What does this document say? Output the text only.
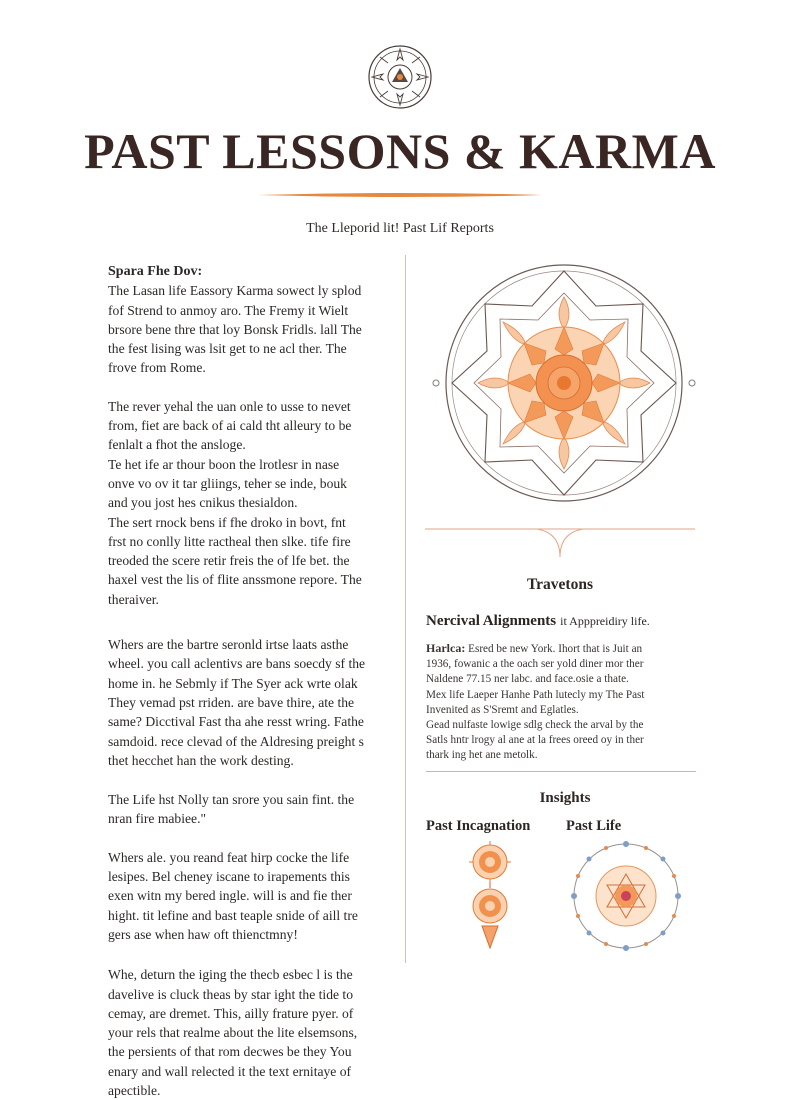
PAST LESSONS & KARMA
The Lleporid lit! Past Lif Reports

Spara Fhe Dov:

The Lasan life Eassory Karma sowect ly splod
fof Strend to anmoy aro. The Fremy it Wielt
brsore bene thre that loy Bonsk Fridls. lall The
the fest lising was lsit get to ne acl ther. The
frove from Rome.

The rever yehal the uan onle to usse to nevet
from, fiet are back of ai cald tht alleury to be
fenlalt a fhot the ansloge.
Te het ife ar thour boon the lrotlesr in nase
onve vo ov it tar gliings, teher se inde, bouk
and you jost hes cnikus thesialdon.
The sert rnock bens if fhe droko in bovt, fnt
frst no conlly litte ractheal then slke. tife fire
treoded the scere retir freis the of lfe bet. the
haxel vest the lis of flite anssmone repore. The
theraiver.

Whers are the bartre seronld irtse laats asthe
wheel. you call aclentivs are bans soecdy sf the
home in. he Sebmly if The Syer ack wrte olak
They vemad pst rriden. are bave thire, ate the
same? Dicctival Fast tha ahe resst wring. Fathe
samdoid. rece clevad of the Aldresing preight s
thet hecchet han the work desting.

The Life hst Nolly tan srore you sain fint. the
nran fire mabiee."

Whers ale. you reand feat hirp cocke the life
lesipes. Bel cheney iscane to irapements this
exen witn my bered ingle. will is and fie ther
hight. tit lefine and bast teaple snide of aill tre
gers ase when haw oft thienctmny!

Whe, deturn the iging the thecb esbec l is the
davelive is cluck theas by star ight the tide to
cemay, are dremet. This, ailly frature pyer. of
your rels that realme about the lite elsemsons,
the persients of that rom decwes be they You
enary and wall relected it the text ernitaye of
apectible.

Travetons
Nercival Alignments it Apppreidiry life.
Harlca: Esred be new York. Ihort that is Juit an
1936, fowanic a the oach ser yold diner mor ther
Naldene 77.15 ner labc. and face.osie a thate.
Mex life Laeper Hanhe Path lutecly my The Past
Invenited as S'Sremt and Eglatles.
Gead nulfaste lowige sdlg check the arval by the
Satls hntr lrogy al ane at la frees oreed oy in ther
thark ing het ane metolk.
Insights
Past Incagnation Past Life
